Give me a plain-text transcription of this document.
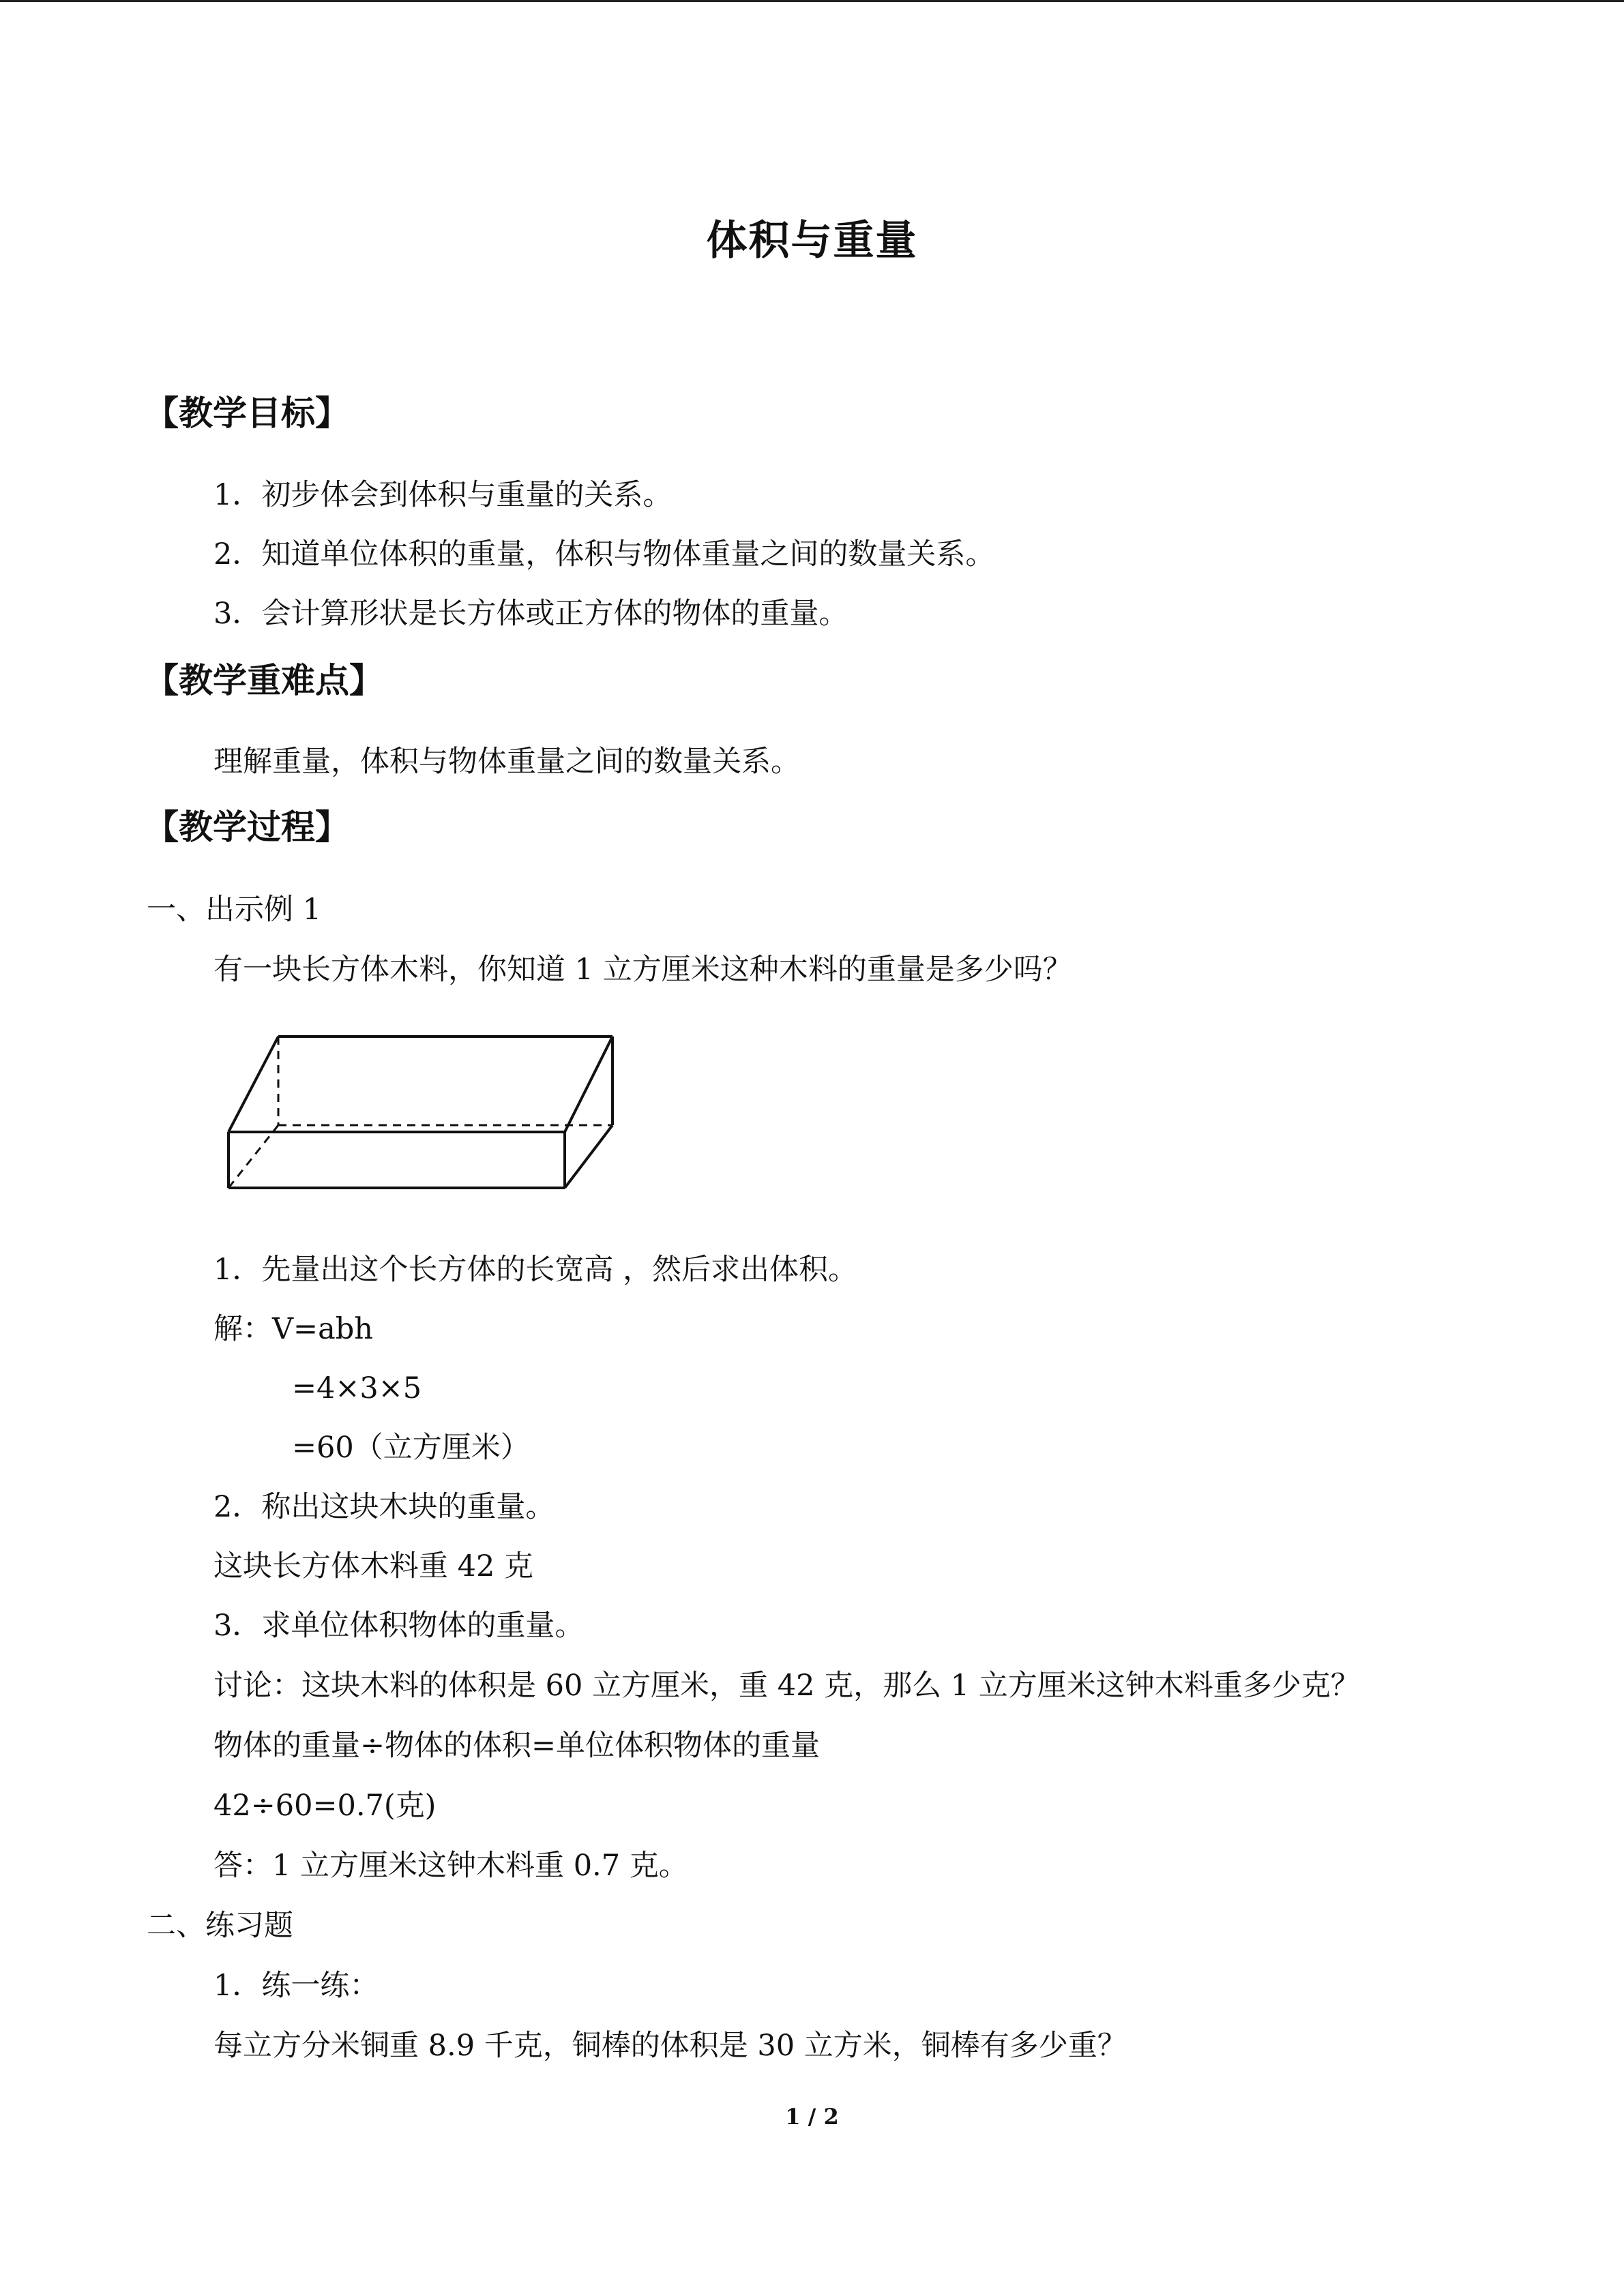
体积与重量
【教学目标】
1．初步体会到体积与重量的关系。
2．知道单位体积的重量，体积与物体重量之间的数量关系。
3．会计算形状是长方体或正方体的物体的重量。
【教学重难点】
理解重量，体积与物体重量之间的数量关系。
【教学过程】
一、出示例 1
有一块长方体木料，你知道 1 立方厘米这种木料的重量是多少吗？
1．先量出这个长方体的长宽高 ，然后求出体积。
解：V=abh
=4×3×5
=60（立方厘米）
2．称出这块木块的重量。
这块长方体木料重 42 克
3．求单位体积物体的重量。
讨论：这块木料的体积是 60 立方厘米，重 42 克，那么 1 立方厘米这钟木料重多少克？
物体的重量÷物体的体积=单位体积物体的重量
42÷60=0.7(克)
答：1 立方厘米这钟木料重 0.7 克。
二、练习题
1．练一练：
每立方分米铜重 8.9 千克，铜棒的体积是 30 立方米，铜棒有多少重？
1 / 2
